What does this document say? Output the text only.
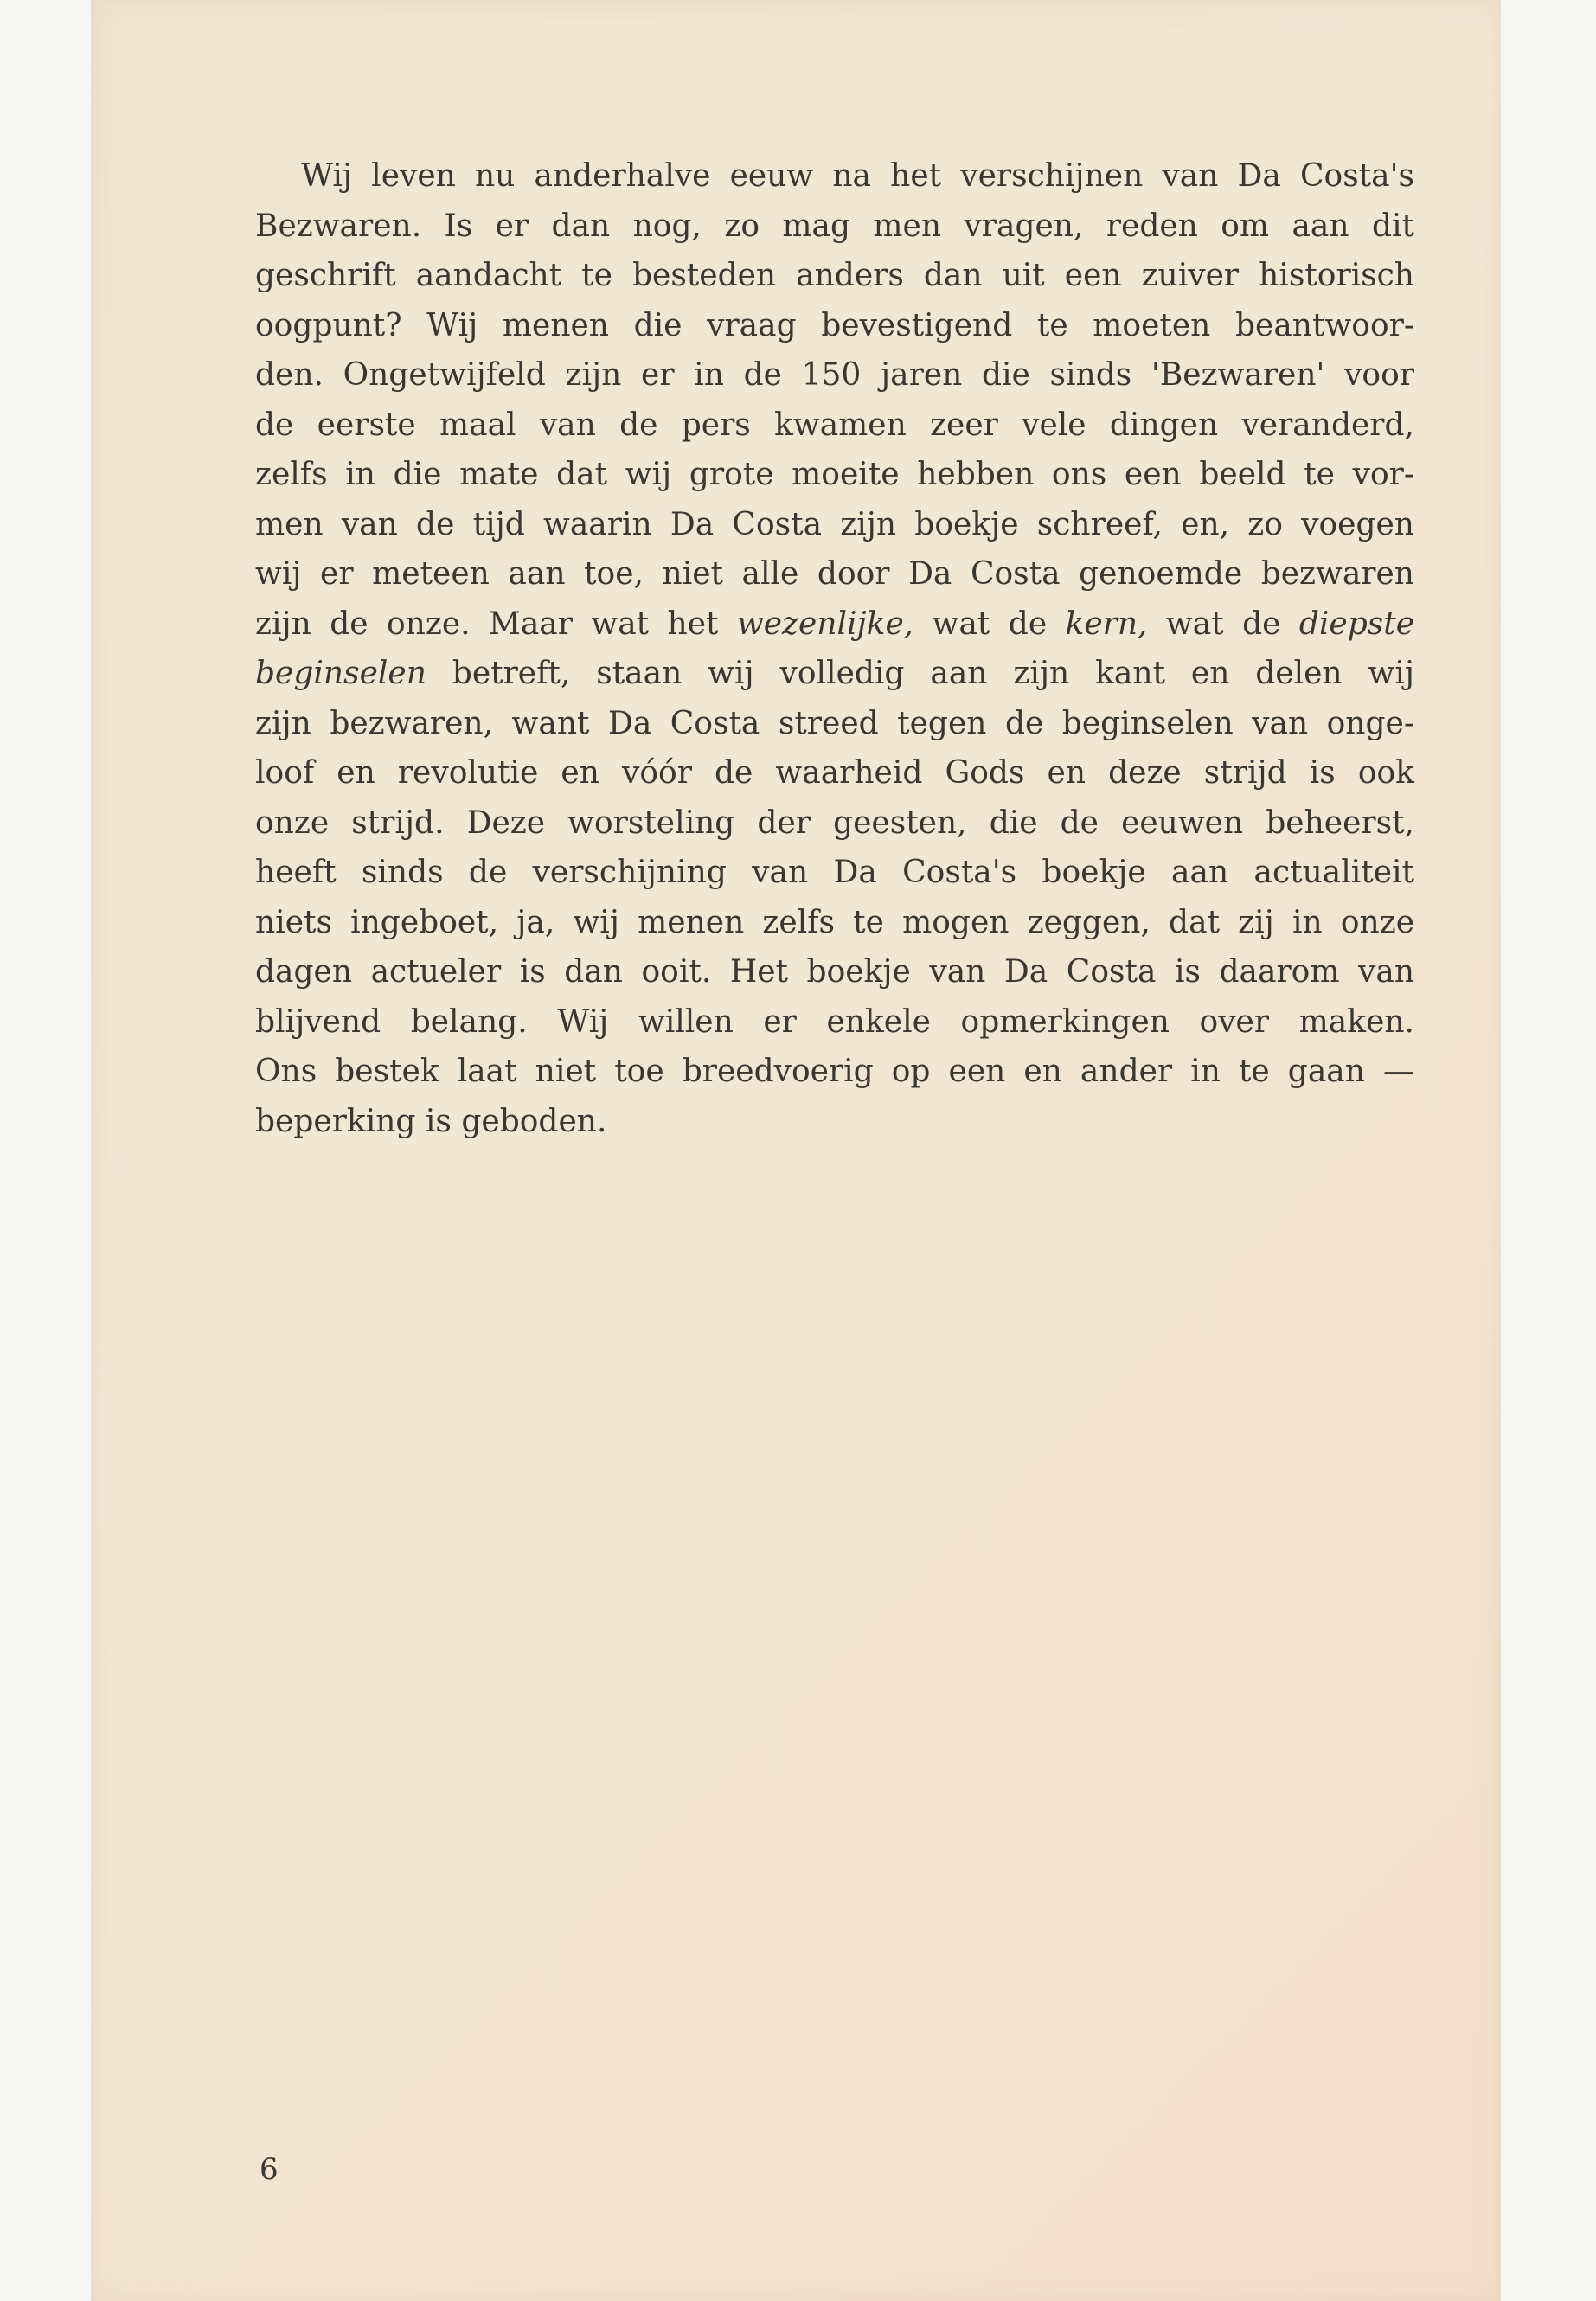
Wij leven nu anderhalve eeuw na het verschijnen van Da Costa's
Bezwaren. Is er dan nog, zo mag men vragen, reden om aan dit
geschrift aandacht te besteden anders dan uit een zuiver historisch
oogpunt? Wij menen die vraag bevestigend te moeten beantwoor-
den. Ongetwijfeld zijn er in de 150 jaren die sinds 'Bezwaren' voor
de eerste maal van de pers kwamen zeer vele dingen veranderd,
zelfs in die mate dat wij grote moeite hebben ons een beeld te vor-
men van de tijd waarin Da Costa zijn boekje schreef, en, zo voegen
wij er meteen aan toe, niet alle door Da Costa genoemde bezwaren
zijn de onze. Maar wat het wezenlijke, wat de kern, wat de diepste
beginselen betreft, staan wij volledig aan zijn kant en delen wij
zijn bezwaren, want Da Costa streed tegen de beginselen van onge-
loof en revolutie en vóór de waarheid Gods en deze strijd is ook
onze strijd. Deze worsteling der geesten, die de eeuwen beheerst,
heeft sinds de verschijning van Da Costa's boekje aan actualiteit
niets ingeboet, ja, wij menen zelfs te mogen zeggen, dat zij in onze
dagen actueler is dan ooit. Het boekje van Da Costa is daarom van
blijvend belang. Wij willen er enkele opmerkingen over maken.
Ons bestek laat niet toe breedvoerig op een en ander in te gaan —
beperking is geboden.
6
